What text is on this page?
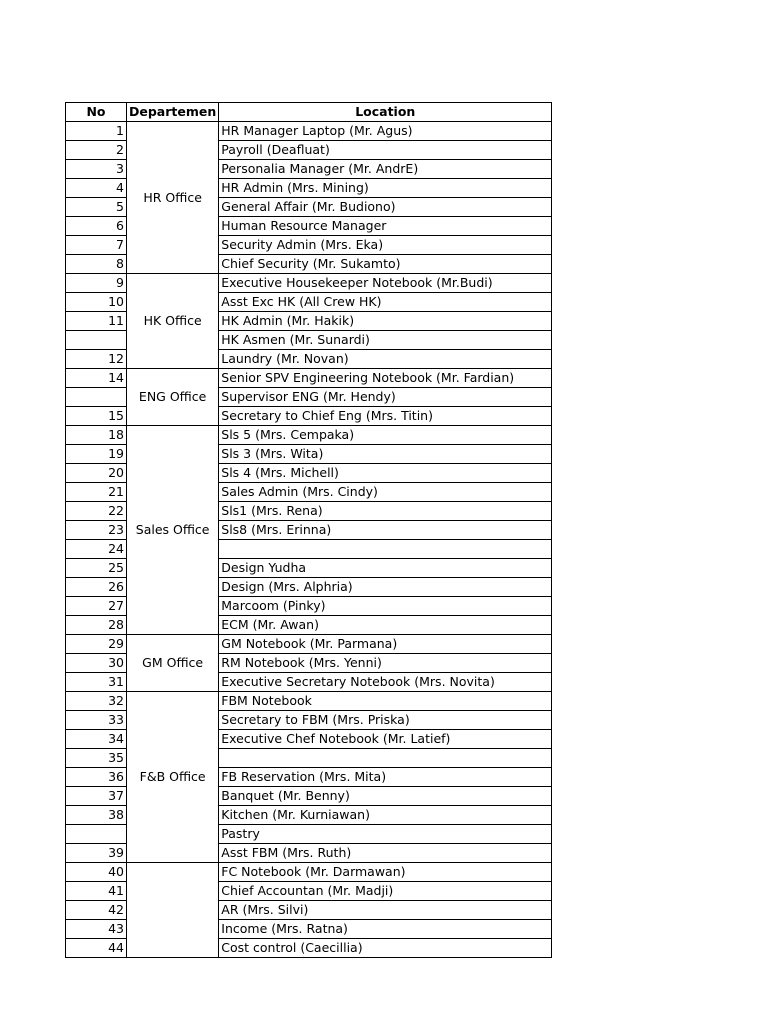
No	Departemen	Location
1	HR Office	HR Manager Laptop (Mr. Agus)
2		Payroll (Deafluat)
3		Personalia Manager (Mr. AndrE)
4		HR Admin (Mrs. Mining)
5		General Affair (Mr. Budiono)
6		Human Resource Manager
7		Security Admin (Mrs. Eka)
8		Chief Security (Mr. Sukamto)
9	HK Office	Executive Housekeeper Notebook (Mr.Budi)
10		Asst Exc HK (All Crew HK)
11		HK Admin (Mr. Hakik)
		HK Asmen (Mr. Sunardi)
12		Laundry (Mr. Novan)
14	ENG Office	Senior SPV Engineering Notebook (Mr. Fardian)
		Supervisor ENG (Mr. Hendy)
15		Secretary to Chief Eng (Mrs. Titin)
18	Sales Office	Sls 5 (Mrs. Cempaka)
19		Sls 3 (Mrs. Wita)
20		Sls 4 (Mrs. Michell)
21		Sales Admin (Mrs. Cindy)
22		Sls1 (Mrs. Rena)
23		Sls8 (Mrs. Erinna)
24		
25		Design Yudha
26		Design (Mrs. Alphria)
27		Marcoom (Pinky)
28		ECM (Mr. Awan)
29	GM Office	GM Notebook (Mr. Parmana)
30		RM Notebook (Mrs. Yenni)
31		Executive Secretary Notebook (Mrs. Novita)
32	F&B Office	FBM Notebook
33		Secretary to FBM (Mrs. Priska)
34		Executive Chef Notebook (Mr. Latief)
35		
36		FB Reservation (Mrs. Mita)
37		Banquet (Mr. Benny)
38		Kitchen (Mr. Kurniawan)
		Pastry
39		Asst FBM (Mrs. Ruth)
40		FC Notebook (Mr. Darmawan)
41		Chief Accountan (Mr. Madji)
42		AR (Mrs. Silvi)
43		Income (Mrs. Ratna)
44		Cost control (Caecillia)
